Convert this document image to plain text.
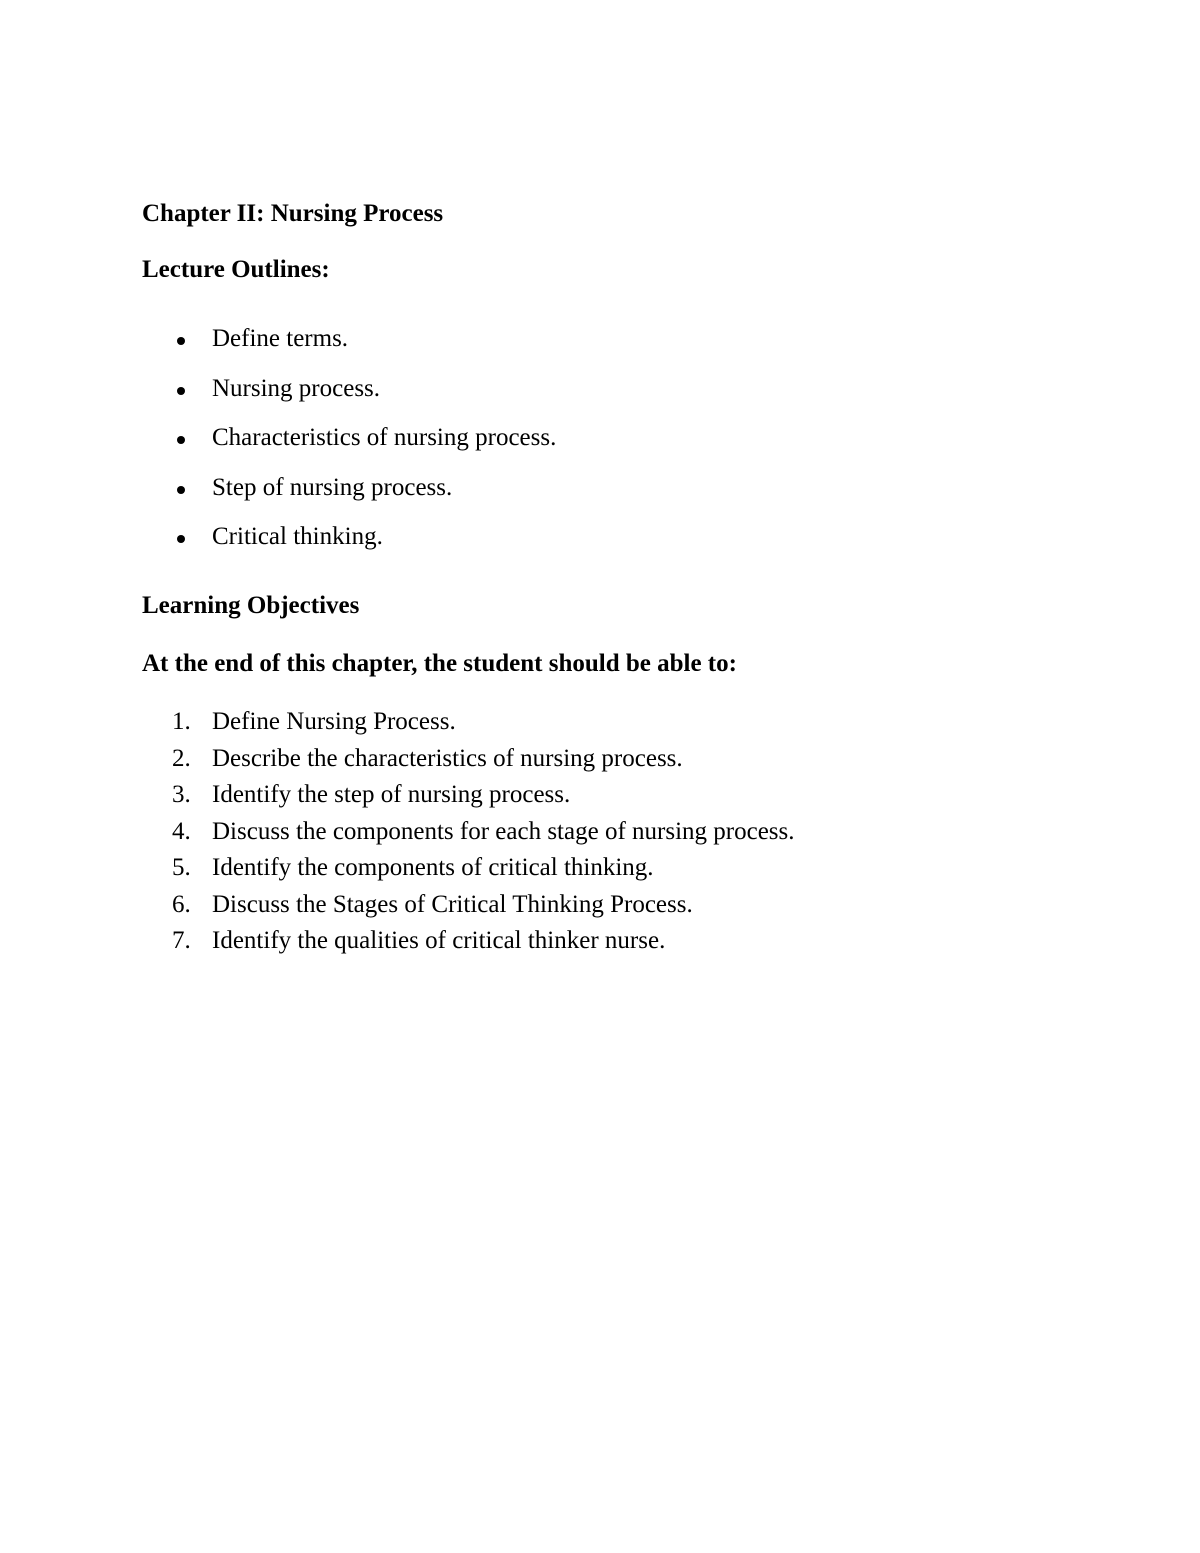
Chapter II: Nursing Process

Lecture Outlines:

Define terms.
Nursing process.
Characteristics of nursing process.
Step of nursing process.
Critical thinking.

Learning Objectives

At the end of this chapter, the student should be able to:

1. Define Nursing Process.
2. Describe the characteristics of nursing process.
3. Identify the step of nursing process.
4. Discuss the components for each stage of nursing process.
5. Identify the components of critical thinking.
6. Discuss the Stages of Critical Thinking Process.
7. Identify the qualities of critical thinker nurse.
